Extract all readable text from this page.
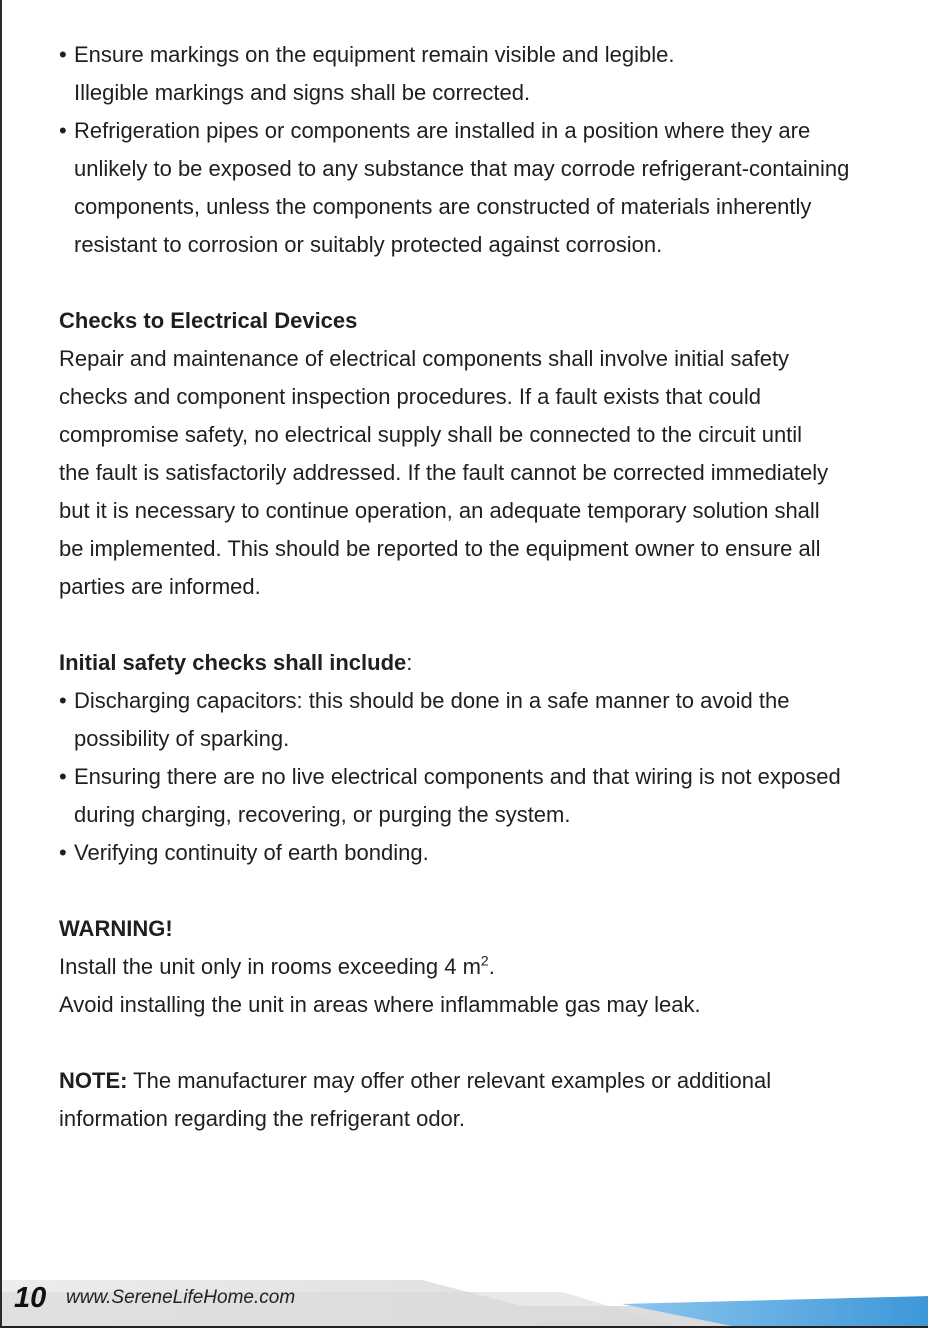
• Ensure markings on the equipment remain visible and legible.
Illegible markings and signs shall be corrected.
• Refrigeration pipes or components are installed in a position where they are
unlikely to be exposed to any substance that may corrode refrigerant-containing
components, unless the components are constructed of materials inherently
resistant to corrosion or suitably protected against corrosion.
Checks to Electrical Devices
Repair and maintenance of electrical components shall involve initial safety
checks and component inspection procedures. If a fault exists that could
compromise safety, no electrical supply shall be connected to the circuit until
the fault is satisfactorily addressed. If the fault cannot be corrected immediately
but it is necessary to continue operation, an adequate temporary solution shall
be implemented. This should be reported to the equipment owner to ensure all
parties are informed.
Initial safety checks shall include:
• Discharging capacitors: this should be done in a safe manner to avoid the
possibility of sparking.
• Ensuring there are no live electrical components and that wiring is not exposed
during charging, recovering, or purging the system.
• Verifying continuity of earth bonding.
WARNING!
Install the unit only in rooms exceeding 4 $m^2$.
Avoid installing the unit in areas where inflammable gas may leak.
NOTE: The manufacturer may offer other relevant examples or additional
information regarding the refrigerant odor.
10 www.SereneLifeHome.com
